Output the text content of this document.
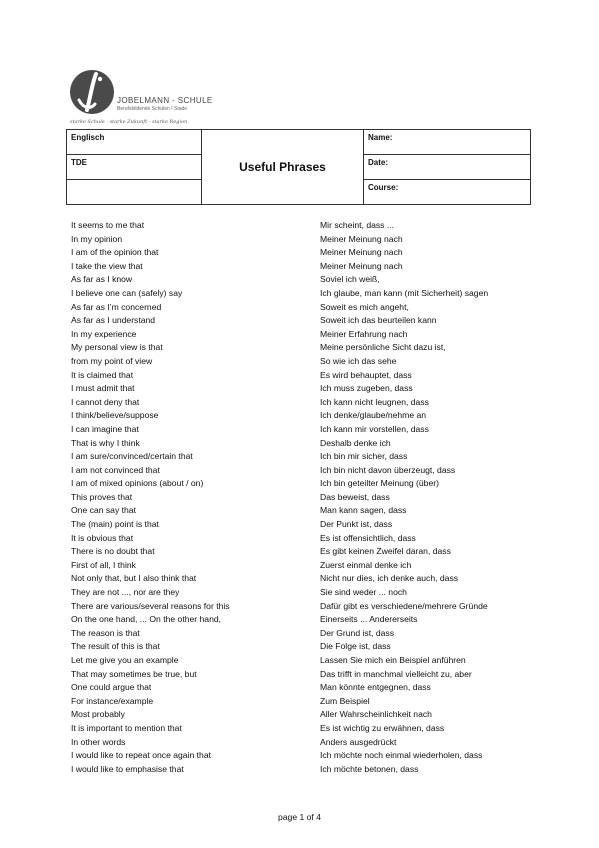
JOBELMANN - SCHULE
Berufsbildende Schulen I Stade
starke Schule - starke Zukunft - starke Region
Englisch	Useful Phrases	Name:

TDE		Date:

		Course:
It seems to me that	Mir scheint, dass ...
In my opinion	Meiner Meinung nach
I am of the opinion that	Meiner Meinung nach
I take the view that	Meiner Meinung nach
As far as I know	Soviel ich weiß,
I believe one can (safely) say	Ich glaube, man kann (mit Sicherheit) sagen
As far as I’m concerned	Soweit es mich angeht,
As far as I understand	Soweit ich das beurteilen kann
In my experience	Meiner Erfahrung nach
My personal view is that	Meine persönliche Sicht dazu ist,
from my point of view	So wie ich das sehe
It is claimed that	Es wird behauptet, dass
I must admit that	Ich muss zugeben, dass
I cannot deny that	Ich kann nicht leugnen, dass
I think/believe/suppose	Ich denke/glaube/nehme an
I can imagine that	Ich kann mir vorstellen, dass
That is why I think	Deshalb denke ich
I am sure/convinced/certain that	Ich bin mir sicher, dass
I am not convinced that	Ich bin nicht davon überzeugt, dass
I am of mixed opinions (about / on)	Ich bin geteilter Meinung (über)
This proves that	Das beweist, dass
One can say that	Man kann sagen, dass
The (main) point is that	Der Punkt ist, dass
It is obvious that	Es ist offensichtlich, dass
There is no doubt that	Es gibt keinen Zweifel daran, dass
First of all, I think	Zuerst einmal denke ich
Not only that, but I also think that	Nicht nur dies, ich denke auch, dass
They are not ..., nor are they	Sie sind weder ... noch
There are various/several reasons for this	Dafür gibt es verschiedene/mehrere Gründe
On the one hand, ... On the other hand,	Einerseits ... Andererseits
The reason is that	Der Grund ist, dass
The result of this is that	Die Folge ist, dass
Let me give you an example	Lassen Sie mich ein Beispiel anführen
That may sometimes be true, but	Das trifft in manchmal vielleicht zu, aber
One could argue that	Man könnte entgegnen, dass
For instance/example	Zum Beispiel
Most probably	Aller Wahrscheinlichkeit nach
It is important to mention that	Es ist wichtig zu erwähnen, dass
In other words	Anders ausgedrückt
I would like to repeat once again that	Ich möchte noch einmal wiederholen, dass
I would like to emphasise that	Ich möchte betonen, dass
page 1 of 4
